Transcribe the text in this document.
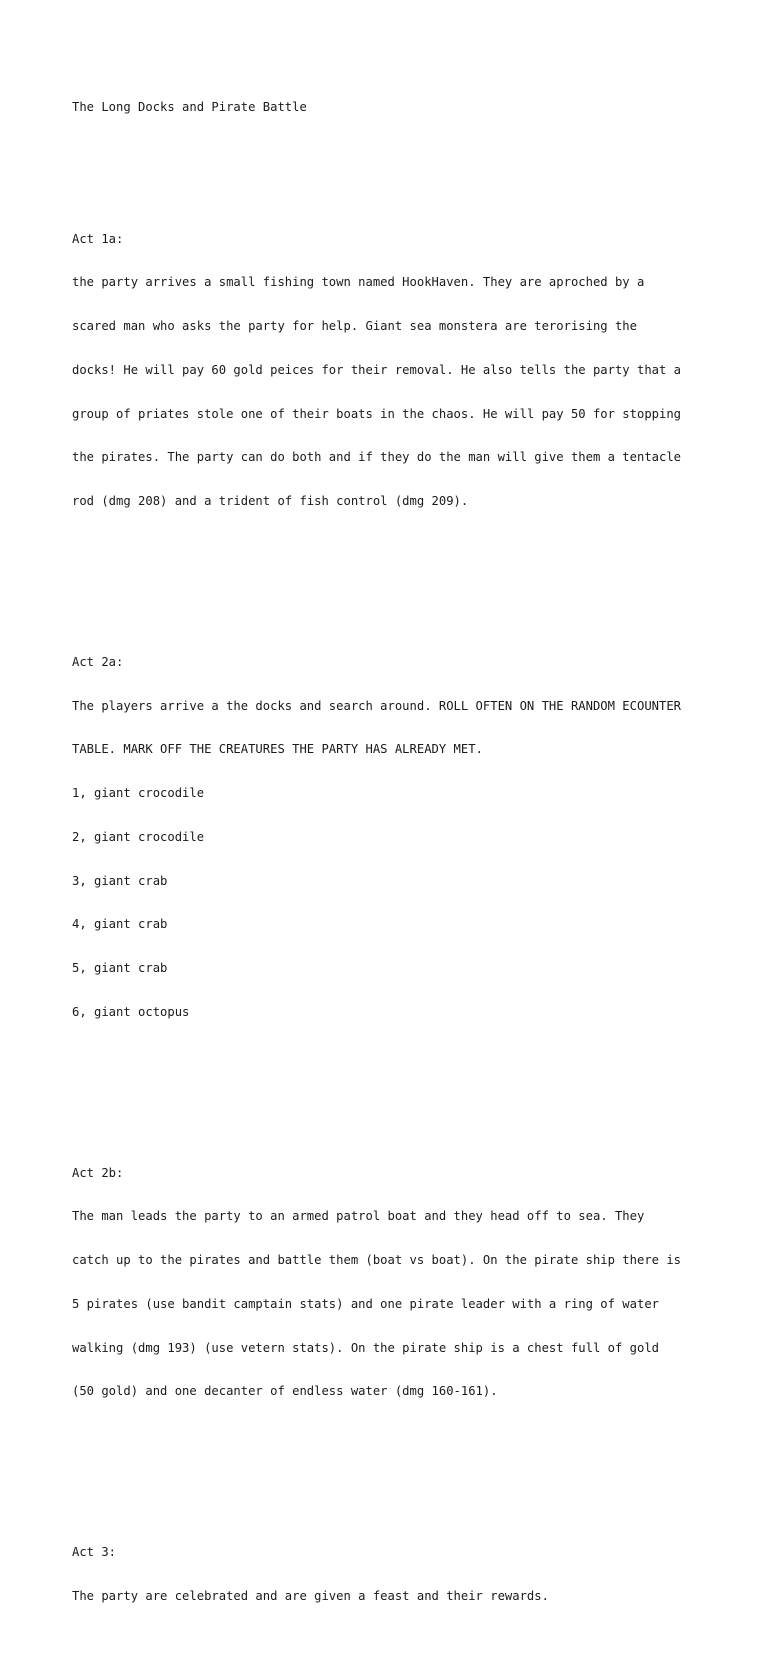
The Long Docks and Pirate Battle

Act 1a:

the party arrives a small fishing town named HookHaven. They are aproched by a

scared man who asks the party for help. Giant sea monstera are terorising the

docks! He will pay 60 gold peices for their removal. He also tells the party that a

group of priates stole one of their boats in the chaos. He will pay 50 for stopping

the pirates. The party can do both and if they do the man will give them a tentacle

rod (dmg 208) and a trident of fish control (dmg 209).

Act 2a:

The players arrive a the docks and search around. ROLL OFTEN ON THE RANDOM ECOUNTER

TABLE. MARK OFF THE CREATURES THE PARTY HAS ALREADY MET.

1, giant crocodile

2, giant crocodile

3, giant crab

4, giant crab

5, giant crab

6, giant octopus

Act 2b:

The man leads the party to an armed patrol boat and they head off to sea. They

catch up to the pirates and battle them (boat vs boat). On the pirate ship there is

5 pirates (use bandit camptain stats) and one pirate leader with a ring of water

walking (dmg 193) (use vetern stats). On the pirate ship is a chest full of gold

(50 gold) and one decanter of endless water (dmg 160-161).

Act 3:

The party are celebrated and are given a feast and their rewards.
